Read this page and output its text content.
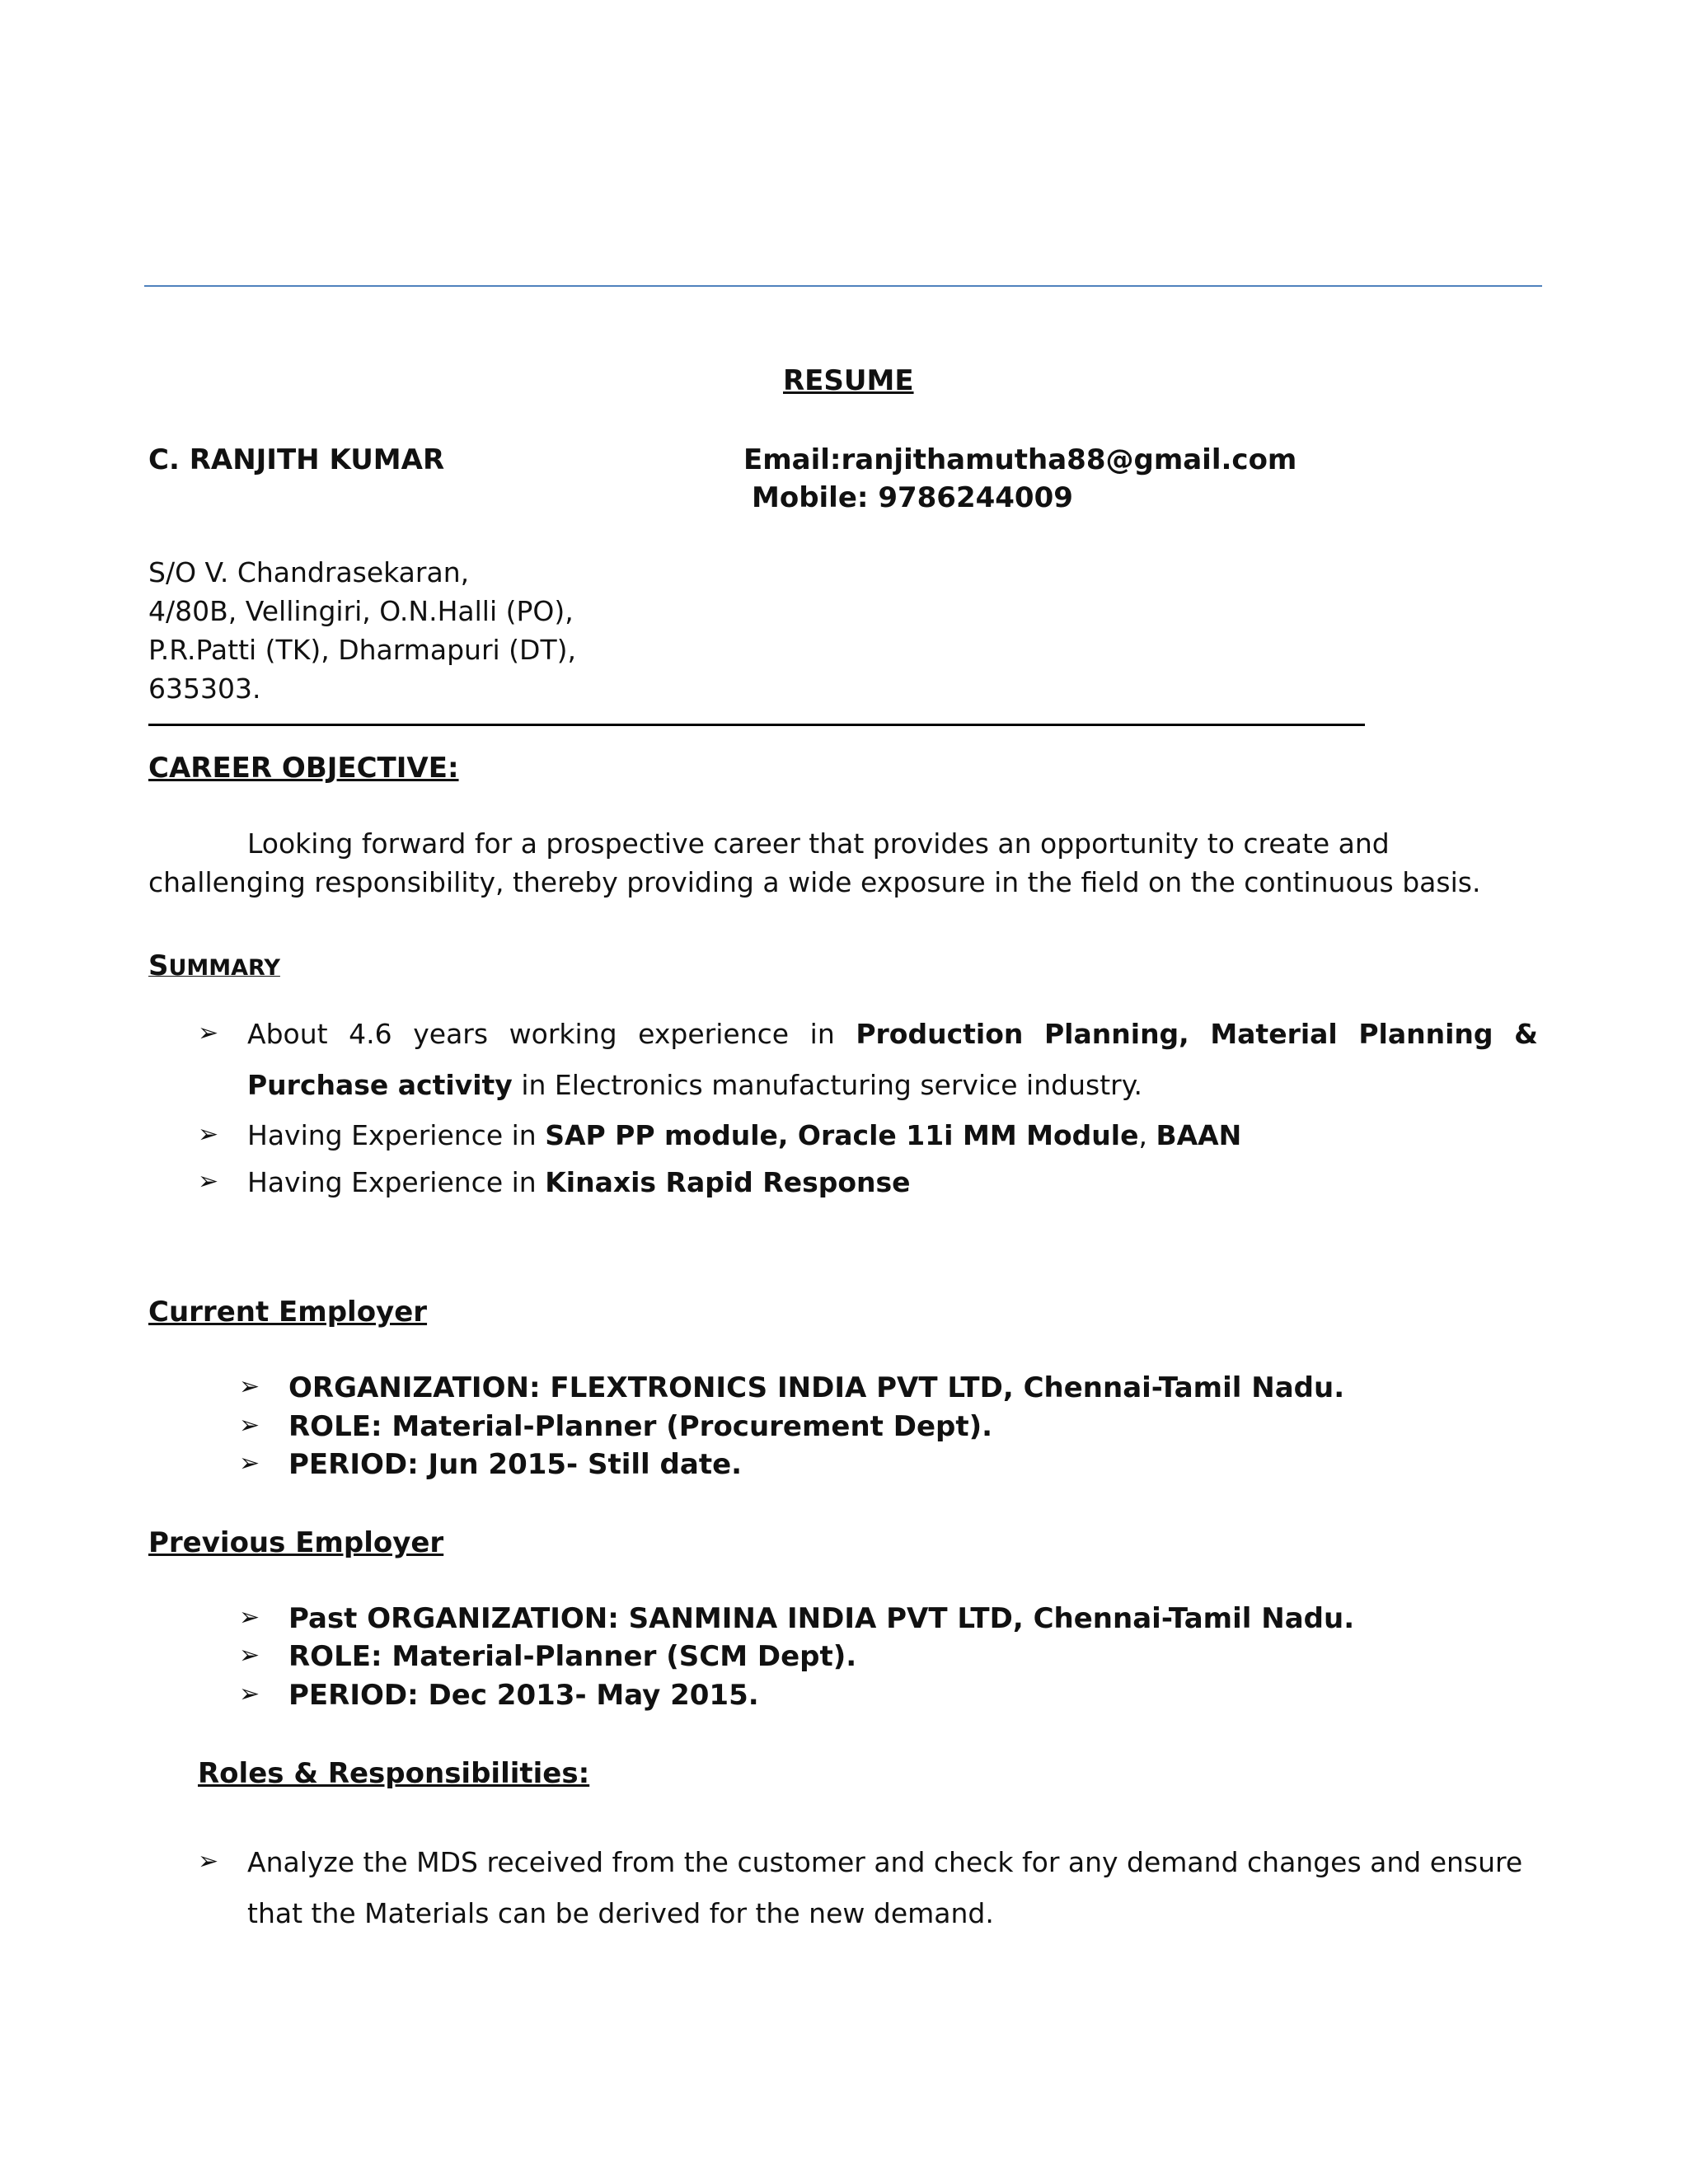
RESUME
C. RANJITH KUMAR	Email:ranjithamutha88@gmail.com
Mobile: 9786244009
S/O V. Chandrasekaran,
4/80B, Vellingiri, O.N.Halli (PO),
P.R.Patti (TK), Dharmapuri (DT),
635303.
CAREER OBJECTIVE:
Looking forward for a prospective career that provides an opportunity to create and
challenging responsibility, thereby providing a wide exposure in the field on the continuous basis.
SUMMARY
➢ About 4.6 years working experience in Production Planning, Material Planning &
Purchase activity in Electronics manufacturing service industry.
➢ Having Experience in SAP PP module, Oracle 11i MM Module, BAAN
➢ Having Experience in Kinaxis Rapid Response
Current Employer
➢ ORGANIZATION: FLEXTRONICS INDIA PVT LTD, Chennai-Tamil Nadu.
➢ ROLE: Material-Planner (Procurement Dept).
➢ PERIOD: Jun 2015- Still date.
Previous Employer
➢ Past ORGANIZATION: SANMINA INDIA PVT LTD, Chennai-Tamil Nadu.
➢ ROLE: Material-Planner (SCM Dept).
➢ PERIOD: Dec 2013- May 2015.
Roles & Responsibilities:
➢ Analyze the MDS received from the customer and check for any demand changes and ensure
that the Materials can be derived for the new demand.
